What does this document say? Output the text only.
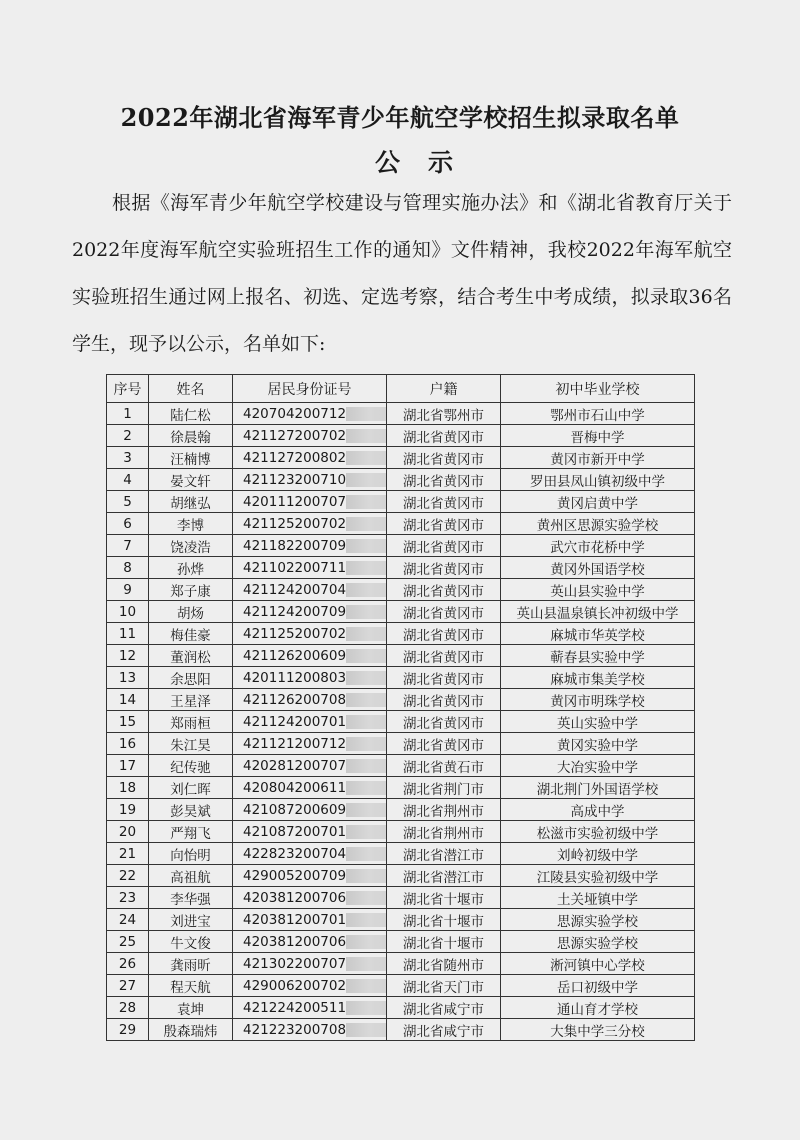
2022年湖北省海军青少年航空学校招生拟录取名单
公示

根据《海军青少年航空学校建设与管理实施办法》和《湖北省教育厅关于2022年度海军航空实验班招生工作的通知》文件精神，我校2022年海军航空实验班招生通过网上报名、初选、定选考察，结合考生中考成绩，拟录取36名学生，现予以公示，名单如下:

序号	姓名	居民身份证号	户籍	初中毕业学校
1	陆仁松	420704200712	湖北省鄂州市	鄂州市石山中学
2	徐晨翰	421127200702	湖北省黄冈市	晋梅中学
3	汪楠博	421127200802	湖北省黄冈市	黄冈市新开中学
4	晏文轩	421123200710	湖北省黄冈市	罗田县凤山镇初级中学
5	胡继弘	420111200707	湖北省黄冈市	黄冈启黄中学
6	李博	421125200702	湖北省黄冈市	黄州区思源实验学校
7	饶凌浩	421182200709	湖北省黄冈市	武穴市花桥中学
8	孙烨	421102200711	湖北省黄冈市	黄冈外国语学校
9	郑子康	421124200704	湖北省黄冈市	英山县实验中学
10	胡炀	421124200709	湖北省黄冈市	英山县温泉镇长冲初级中学
11	梅佳豪	421125200702	湖北省黄冈市	麻城市华英学校
12	董润松	421126200609	湖北省黄冈市	蕲春县实验中学
13	余思阳	420111200803	湖北省黄冈市	麻城市集美学校
14	王星泽	421126200708	湖北省黄冈市	黄冈市明珠学校
15	郑雨桓	421124200701	湖北省黄冈市	英山实验中学
16	朱江昊	421121200712	湖北省黄冈市	黄冈实验中学
17	纪传驰	420281200707	湖北省黄石市	大冶实验中学
18	刘仁晖	420804200611	湖北省荆门市	湖北荆门外国语学校
19	彭昊斌	421087200609	湖北省荆州市	高成中学
20	严翔飞	421087200701	湖北省荆州市	松滋市实验初级中学
21	向怡明	422823200704	湖北省潜江市	刘岭初级中学
22	高祖航	429005200709	湖北省潜江市	江陵县实验初级中学
23	李华强	420381200706	湖北省十堰市	土关垭镇中学
24	刘进宝	420381200701	湖北省十堰市	思源实验学校
25	牛文俊	420381200706	湖北省十堰市	思源实验学校
26	龚雨昕	421302200707	湖北省随州市	淅河镇中心学校
27	程天航	429006200702	湖北省天门市	岳口初级中学
28	袁坤	421224200511	湖北省咸宁市	通山育才学校
29	殷森瑞炜	421223200708	湖北省咸宁市	大集中学三分校
